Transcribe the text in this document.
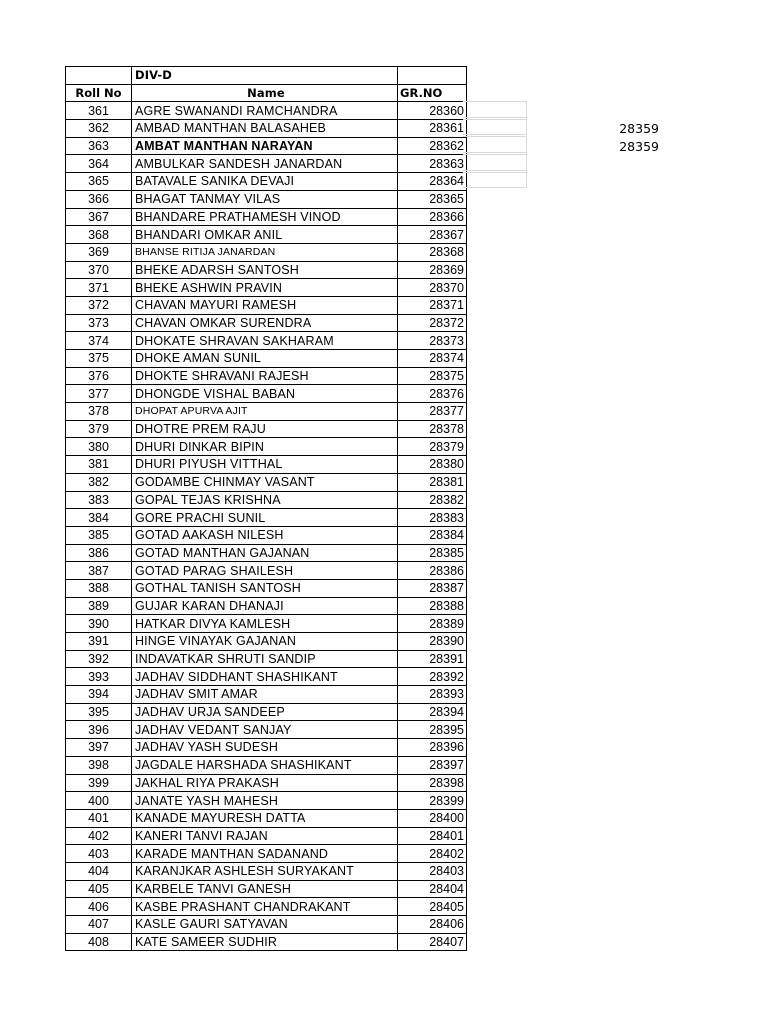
	DIV-D	
Roll No	Name	GR.NO
361	AGRE SWANANDI RAMCHANDRA	28360
362	AMBAD MANTHAN BALASAHEB	28361
363	AMBAT MANTHAN NARAYAN	28362
364	AMBULKAR SANDESH JANARDAN	28363
365	BATAVALE SANIKA DEVAJI	28364
366	BHAGAT TANMAY VILAS	28365
367	BHANDARE PRATHAMESH VINOD	28366
368	BHANDARI OMKAR ANIL	28367
369	BHANSE RITIJA JANARDAN	28368
370	BHEKE ADARSH SANTOSH	28369
371	BHEKE ASHWIN PRAVIN	28370
372	CHAVAN MAYURI RAMESH	28371
373	CHAVAN OMKAR SURENDRA	28372
374	DHOKATE SHRAVAN SAKHARAM	28373
375	DHOKE AMAN SUNIL	28374
376	DHOKTE SHRAVANI RAJESH	28375
377	DHONGDE VISHAL BABAN	28376
378	DHOPAT APURVA AJIT	28377
379	DHOTRE PREM RAJU	28378
380	DHURI DINKAR BIPIN	28379
381	DHURI PIYUSH VITTHAL	28380
382	GODAMBE CHINMAY VASANT	28381
383	GOPAL TEJAS KRISHNA	28382
384	GORE PRACHI SUNIL	28383
385	GOTAD AAKASH NILESH	28384
386	GOTAD MANTHAN GAJANAN	28385
387	GOTAD PARAG SHAILESH	28386
388	GOTHAL TANISH SANTOSH	28387
389	GUJAR KARAN DHANAJI	28388
390	HATKAR DIVYA KAMLESH	28389
391	HINGE VINAYAK GAJANAN	28390
392	INDAVATKAR SHRUTI SANDIP	28391
393	JADHAV SIDDHANT SHASHIKANT	28392
394	JADHAV SMIT AMAR	28393
395	JADHAV URJA SANDEEP	28394
396	JADHAV VEDANT SANJAY	28395
397	JADHAV YASH SUDESH	28396
398	JAGDALE HARSHADA SHASHIKANT	28397
399	JAKHAL RIYA PRAKASH	28398
400	JANATE YASH MAHESH	28399
401	KANADE MAYURESH DATTA	28400
402	KANERI TANVI RAJAN	28401
403	KARADE MANTHAN SADANAND	28402
404	KARANJKAR ASHLESH SURYAKANT	28403
405	KARBELE TANVI GANESH	28404
406	KASBE PRASHANT CHANDRAKANT	28405
407	KASLE GAURI SATYAVAN	28406
408	KATE SAMEER SUDHIR	28407
28359
28359
